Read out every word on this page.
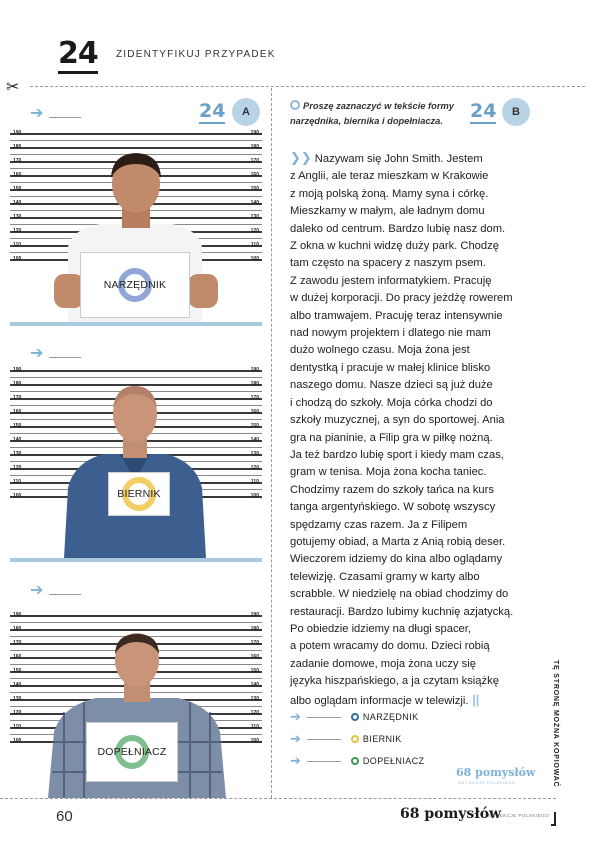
24 ZIDENTYFIKUJ PRZYPADEK
✂
➔	24	A
190	190
180	180
170	170
160	160
150	150
140	140
130	130
120	120
110	110
100	100
➔
190	190
180	180
170	170
160	160
150	150
140	140
130	130
120	120
110	110
100	100
➔
190	190
180	180
170	170
160	160
150	150
140	140
130	130
120	120
110	110
100	100
NARZĘDNIK
BIERNIK
DOPEŁNIACZ
Proszę zaznaczyć w tekście formy narzędnika, biernika i dopełniacza.	24	B
❯❯ Nazywam się John Smith. Jestem
z Anglii, ale teraz mieszkam w Krakowie
z moją polską żoną. Mamy syna i córkę.
Mieszkamy w małym, ale ładnym domu
daleko od centrum. Bardzo lubię nasz dom.
Z okna w kuchni widzę duży park. Chodzę
tam często na spacery z naszym psem.
Z zawodu jestem informatykiem. Pracuję
w dużej korporacji. Do pracy jeżdżę rowerem
albo tramwajem. Pracuję teraz intensywnie
nad nowym projektem i dlatego nie mam
dużo wolnego czasu. Moja żona jest
dentystką i pracuje w małej klinice blisko
naszego domu. Nasze dzieci są już duże
i chodzą do szkoły. Moja córka chodzi do
szkoły muzycznej, a syn do sportowej. Ania
gra na pianinie, a Filip gra w piłkę nożną.
Ja też bardzo lubię sport i kiedy mam czas,
gram w tenisa. Moja żona kocha taniec.
Chodzimy razem do szkoły tańca na kurs
tanga argentyńskiego. W sobotę wszyscy
spędzamy czas razem. Ja z Filipem
gotujemy obiad, a Marta z Anią robią deser.
Wieczorem idziemy do kina albo oglądamy
telewizję. Czasami gramy w karty albo
scrabble. W niedzielę na obiad chodzimy do
restauracji. Bardzo lubimy kuchnię azjatycką.
Po obiedzie idziemy na długi spacer,
a potem wracamy do domu. Dzieci robią
zadanie domowe, moja żona uczy się
języka hiszpańskiego, a ja czytam książkę
albo oglądam informacje w telewizji. ||
➔	NARZĘDNIK
➔	BIERNIK
➔	DOPEŁNIACZ
68 pomysłów
NA LEKCJE POLSKIEGO	TĘ STRONĘ MOŻNA KOPIOWAĆ
60	68 pomysłów
NA LEKCJE POLSKIEGO
